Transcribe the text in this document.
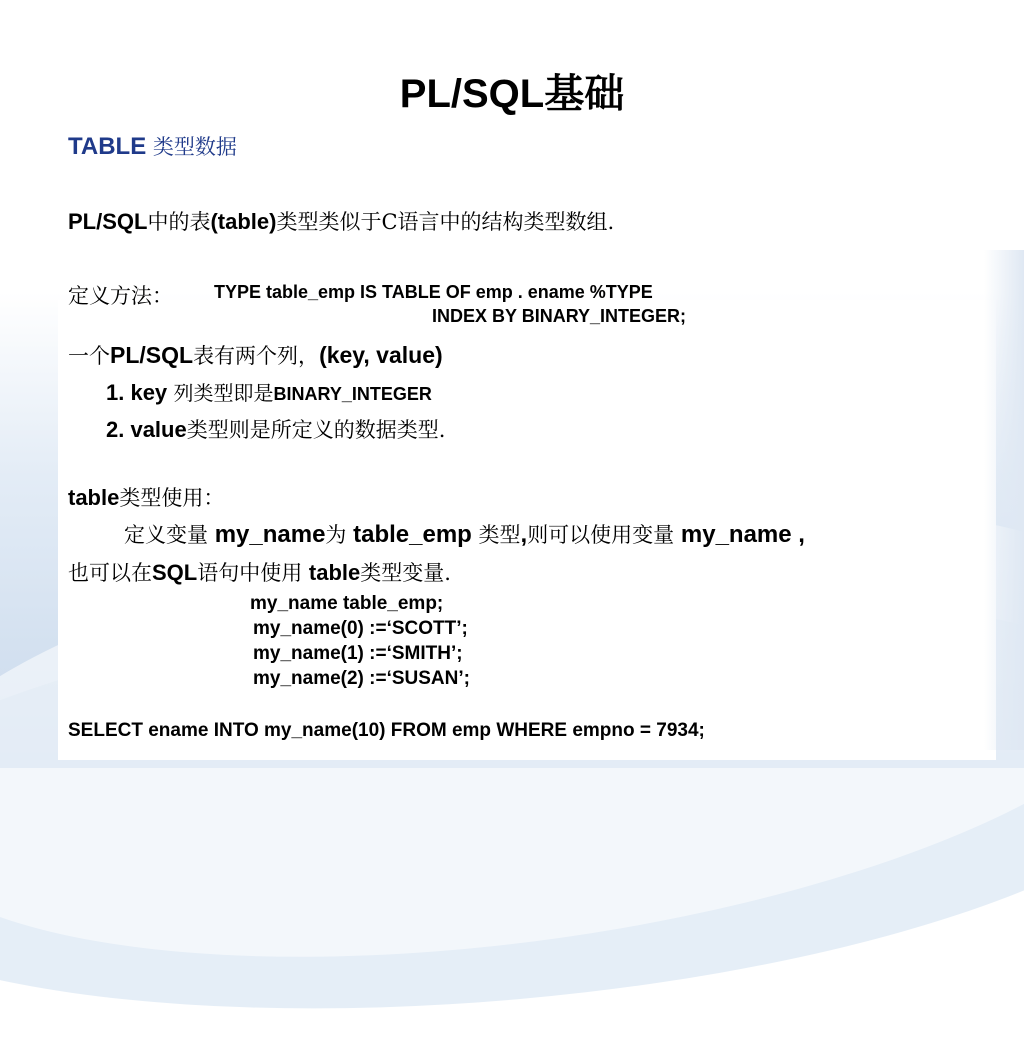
PL/SQL基础
TABLE 类型数据
PL/SQL中的表(table)类型类似于C语言中的结构类型数组.
定义方法： TYPE table_emp IS TABLE OF emp . ename %TYPE
INDEX BY BINARY_INTEGER;
一个PL/SQL表有两个列，(key, value)
1. key 列类型即是BINARY_INTEGER
2. value类型则是所定义的数据类型.
table类型使用：
定义变量 my_name为 table_emp 类型,则可以使用变量 my_name ,
也可以在SQL语句中使用 table类型变量.
my_name table_emp;
my_name(0) :=‘SCOTT’;
my_name(1) :=‘SMITH’;
my_name(2) :=‘SUSAN’;
SELECT ename INTO my_name(10) FROM emp WHERE empno = 7934;
